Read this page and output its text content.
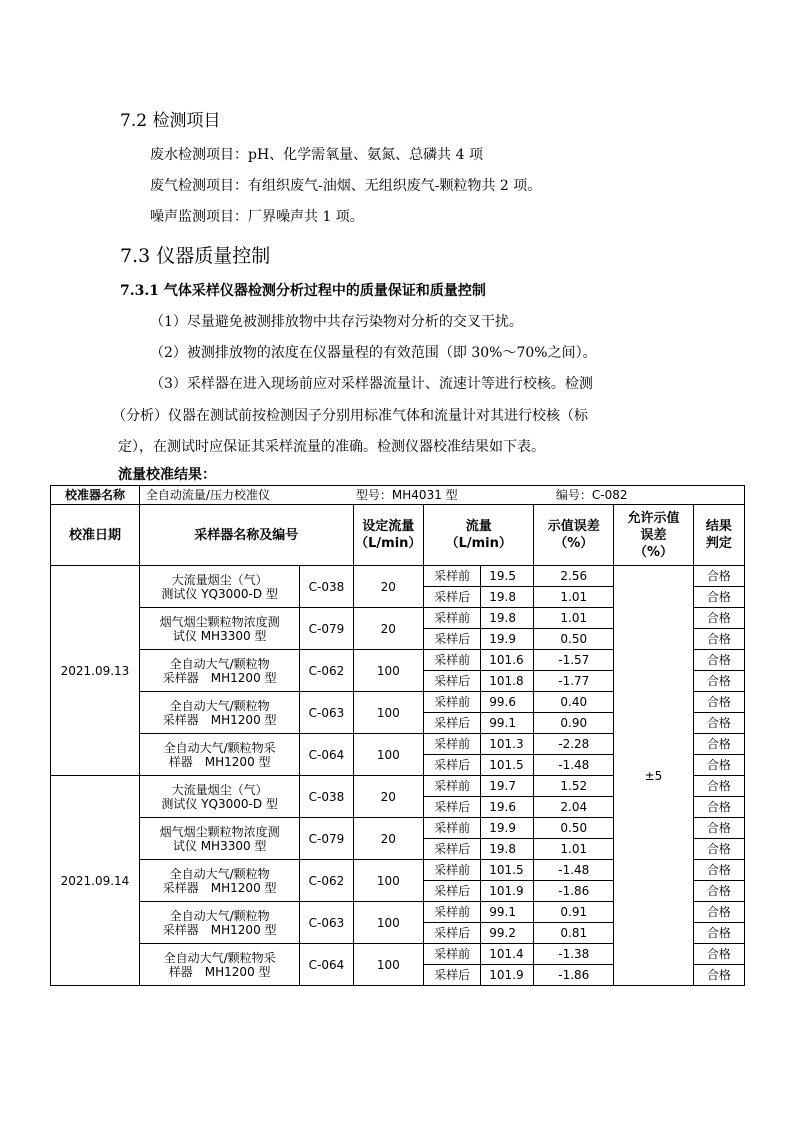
7.2 检测项目
废水检测项目：pH、化学需氧量、氨氮、总磷共 4 项
废气检测项目：有组织废气-油烟、无组织废气-颗粒物共 2 项。
噪声监测项目：厂界噪声共 1 项。
7.3 仪器质量控制
7.3.1 气体采样仪器检测分析过程中的质量保证和质量控制
（1）尽量避免被测排放物中共存污染物对分析的交叉干扰。
（2）被测排放物的浓度在仪器量程的有效范围（即 30%～70%之间）。
（3）采样器在进入现场前应对采样器流量计、流速计等进行校核。检测
（分析）仪器在测试前按检测因子分别用标准气体和流量计对其进行校核（标
定），在测试时应保证其采样流量的准确。检测仪器校准结果如下表。
流量校准结果：
校准器名称	全自动流量/压力校准仪 型号：MH4031 型 编号：C-082							
校准日期	采样器名称及编号		设定流量
（L/min）	流量
（L/min）		示值误差
（%）	允许示值
误差
（%）	结果
判定
2021.09.13	大流量烟尘（气）
测试仪 YQ3000-D 型	C-038	20	采样前	19.5	2.56	±5	合格
				采样后	19.8	1.01		合格
	烟气烟尘颗粒物浓度测
试仪 MH3300 型	C-079	20	采样前	19.8	1.01		合格
				采样后	19.9	0.50		合格
	全自动大气/颗粒物
采样器　MH1200 型	C-062	100	采样前	101.6	-1.57		合格
				采样后	101.8	-1.77		合格
	全自动大气/颗粒物
采样器　MH1200 型	C-063	100	采样前	99.6	0.40		合格
				采样后	99.1	0.90		合格
	全自动大气/颗粒物采
样器　MH1200 型	C-064	100	采样前	101.3	-2.28		合格
				采样后	101.5	-1.48		合格
2021.09.14	大流量烟尘（气）
测试仪 YQ3000-D 型	C-038	20	采样前	19.7	1.52		合格
				采样后	19.6	2.04		合格
	烟气烟尘颗粒物浓度测
试仪 MH3300 型	C-079	20	采样前	19.9	0.50		合格
				采样后	19.8	1.01		合格
	全自动大气/颗粒物
采样器　MH1200 型	C-062	100	采样前	101.5	-1.48		合格
				采样后	101.9	-1.86		合格
	全自动大气/颗粒物
采样器　MH1200 型	C-063	100	采样前	99.1	0.91		合格
				采样后	99.2	0.81		合格
	全自动大气/颗粒物采
样器　MH1200 型	C-064	100	采样前	101.4	-1.38		合格
				采样后	101.9	-1.86		合格
